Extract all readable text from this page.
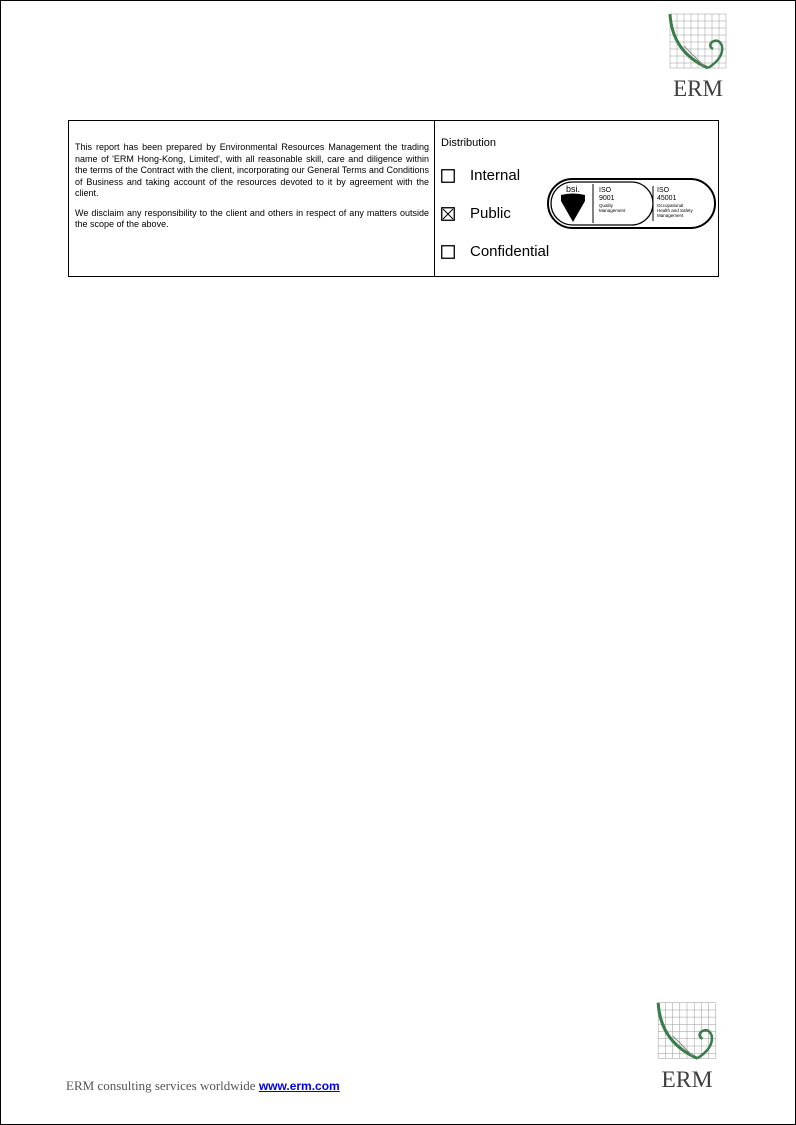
ERM

This report has been prepared by Environmental Resources Management the trading name of 'ERM Hong-Kong, Limited', with all reasonable skill, care and diligence within the terms of the Contract with the client, incorporating our General Terms and Conditions of Business and taking account of the resources devoted to it by agreement with the client.

We disclaim any responsibility to the client and others in respect of any matters outside the scope of the above.

Distribution
Internal
Public
Confidential
bsi.	ISO
9001
Quality
Management
ISO
45001
Occupational
Health and Safety
Management
ERM consulting services worldwide www.erm.com	ERM
